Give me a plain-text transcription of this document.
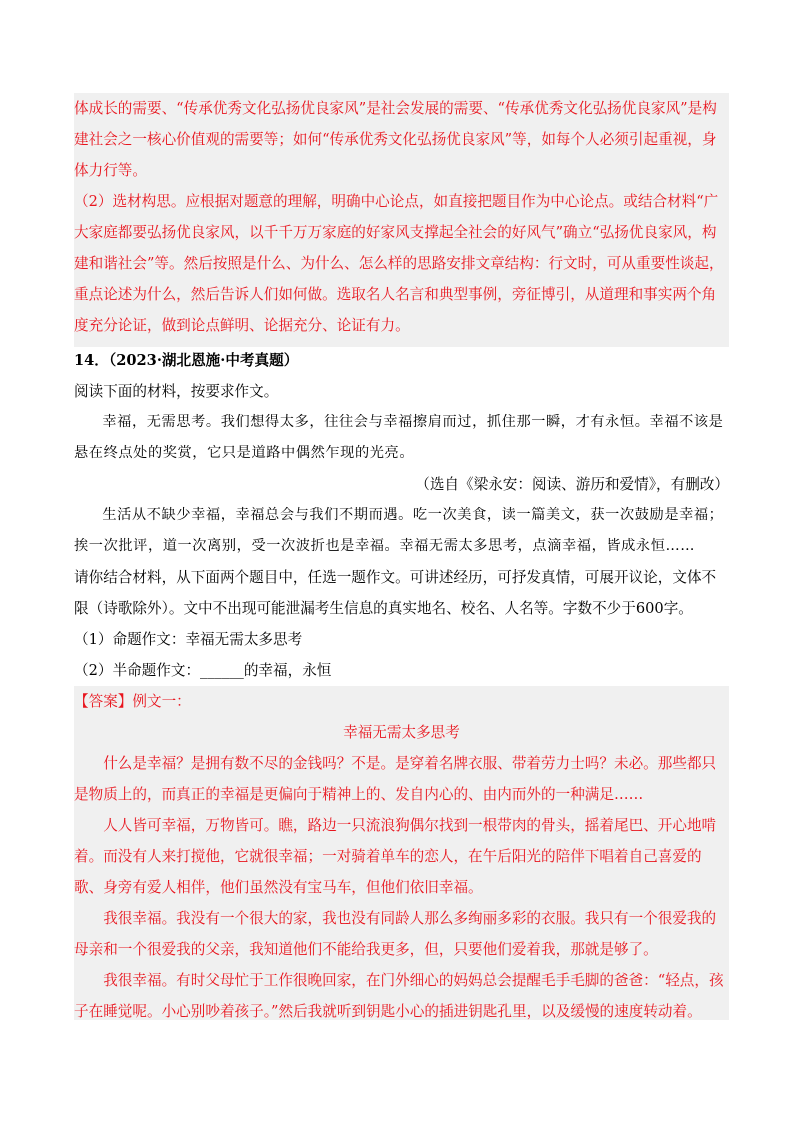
体成长的需要、“传承优秀文化弘扬优良家风”是社会发展的需要、“传承优秀文化弘扬优良家风”是构建社会之一核心价值观的需要等；如何“传承优秀文化弘扬优良家风”等，如每个人必须引起重视，身体力行等。

（2）选材构思。应根据对题意的理解，明确中心论点，如直接把题目作为中心论点。或结合材料“广大家庭都要弘扬优良家风，以千千万万家庭的好家风支撑起全社会的好风气”确立“弘扬优良家风，构建和谐社会”等。然后按照是什么、为什么、怎么样的思路安排文章结构：行文时，可从重要性谈起，重点论述为什么，然后告诉人们如何做。选取名人名言和典型事例，旁征博引，从道理和事实两个角度充分论证，做到论点鲜明、论据充分、论证有力。

14．（2023·湖北恩施·中考真题）

阅读下面的材料，按要求作文。

幸福，无需思考。我们想得太多，往往会与幸福擦肩而过，抓住那一瞬，才有永恒。幸福不该是悬在终点处的奖赏，它只是道路中偶然乍现的光亮。

（选自《梁永安：阅读、游历和爱情》，有删改）

生活从不缺少幸福，幸福总会与我们不期而遇。吃一次美食，读一篇美文，获一次鼓励是幸福；挨一次批评，道一次离别，受一次波折也是幸福。幸福无需太多思考，点滴幸福，皆成永恒……

请你结合材料，从下面两个题目中，任选一题作文。可讲述经历，可抒发真情，可展开议论，文体不限（诗歌除外）。文中不出现可能泄漏考生信息的真实地名、校名、人名等。字数不少于600字。

（1）命题作文：幸福无需太多思考

（2）半命题作文：______的幸福，永恒

【答案】例文一：

幸福无需太多思考

什么是幸福？是拥有数不尽的金钱吗？不是。是穿着名牌衣服、带着劳力士吗？未必。那些都只是物质上的，而真正的幸福是更偏向于精神上的、发自内心的、由内而外的一种满足……

人人皆可幸福，万物皆可。瞧，路边一只流浪狗偶尔找到一根带肉的骨头，摇着尾巴、开心地啃着。而没有人来打搅他，它就很幸福；一对骑着单车的恋人，在午后阳光的陪伴下唱着自己喜爱的歌、身旁有爱人相伴，他们虽然没有宝马车，但他们依旧幸福。

我很幸福。我没有一个很大的家，我也没有同龄人那么多绚丽多彩的衣服。我只有一个很爱我的母亲和一个很爱我的父亲，我知道他们不能给我更多，但，只要他们爱着我，那就是够了。

我很幸福。有时父母忙于工作很晚回家，在门外细心的妈妈总会提醒毛手毛脚的爸爸：“轻点，孩子在睡觉呢。小心别吵着孩子。”然后我就听到钥匙小心的插进钥匙孔里，以及缓慢的速度转动着。
